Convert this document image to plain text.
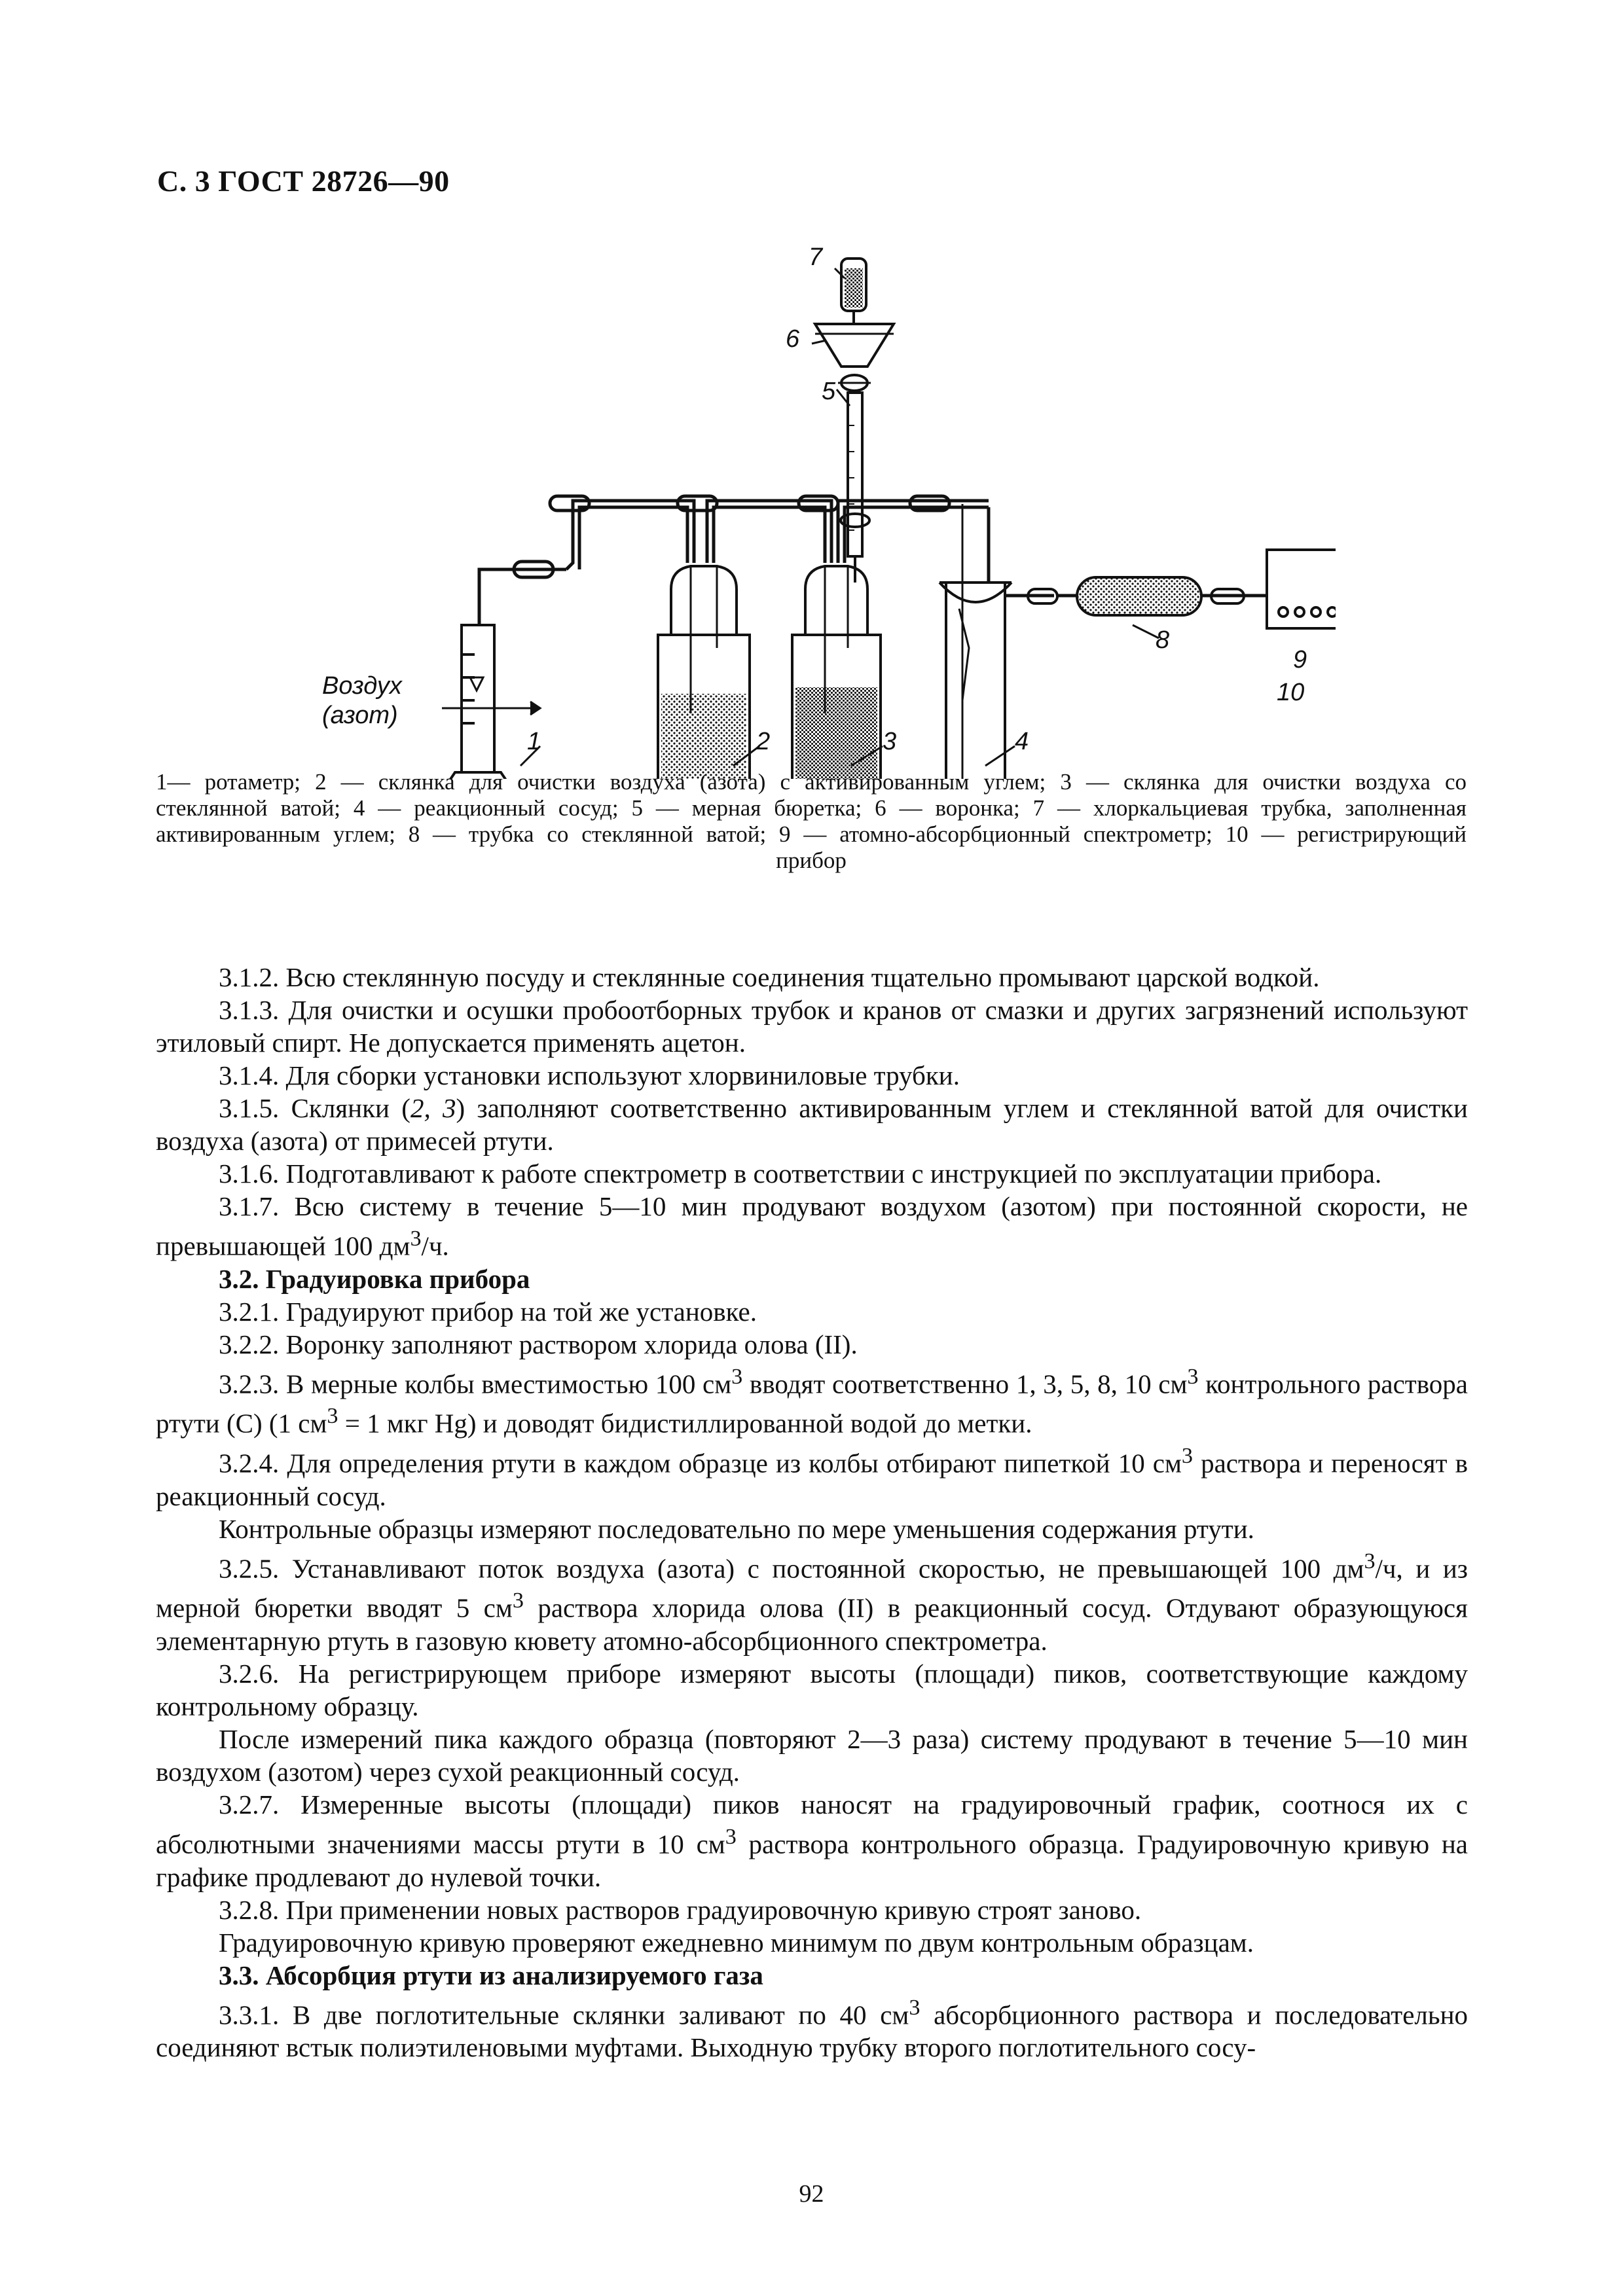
С. 3 ГОСТ 28726—90
Воздух
(азот)
1	2	3	4
5
6
7
8
9
10
1— ротаметр; 2 — склянка для очистки воздуха (азота) с активированным углем; 3 — склянка для очистки воздуха со
стеклянной ватой; 4 — реакционный сосуд; 5 — мерная бюретка; 6 — воронка; 7 — хлоркальциевая трубка, заполненная
активированным углем; 8 — трубка со стеклянной ватой; 9 — атомно-абсорбционный спектрометр; 10 — регистрирующий
прибор

3.1.2. Всю стеклянную посуду и стеклянные соединения тщательно промывают царской водкой.

3.1.3. Для очистки и осушки пробоотборных трубок и кранов от смазки и других загрязнений используют этиловый спирт. Не допускается применять ацетон.

3.1.4. Для сборки установки используют хлорвиниловые трубки.

3.1.5. Склянки (2, 3) заполняют соответственно активированным углем и стеклянной ватой для очистки воздуха (азота) от примесей ртути.

3.1.6. Подготавливают к работе спектрометр в соответствии с инструкцией по эксплуатации прибора.

3.1.7. Всю систему в течение 5—10 мин продувают воздухом (азотом) при постоянной скорости, не превышающей 100 $дм^3/ч$.

3.2. Градуировка прибора

3.2.1. Градуируют прибор на той же установке.

3.2.2. Воронку заполняют раствором хлорида олова (II).

3.2.3. В мерные колбы вместимостью 100 $см^3$ вводят соответственно 1, 3, 5, 8, 10 $см^3$ контрольного раствора ртути (С) (1 $см^3 = 1$ мкг Hg) и доводят бидистиллированной водой до метки.

3.2.4. Для определения ртути в каждом образце из колбы отбирают пипеткой 10 $см^3$ раствора и переносят в реакционный сосуд.

Контрольные образцы измеряют последовательно по мере уменьшения содержания ртути.

3.2.5. Устанавливают поток воздуха (азота) с постоянной скоростью, не превышающей 100 $дм^3/ч$, и из мерной бюретки вводят 5 $см^3$ раствора хлорида олова (II) в реакционный сосуд. Отдувают образующуюся элементарную ртуть в газовую кювету атомно-абсорбционного спектрометра.

3.2.6. На регистрирующем приборе измеряют высоты (площади) пиков, соответствующие каждому контрольному образцу.

После измерений пика каждого образца (повторяют 2—3 раза) систему продувают в течение 5—10 мин воздухом (азотом) через сухой реакционный сосуд.

3.2.7. Измеренные высоты (площади) пиков наносят на градуировочный график, соотнося их с абсолютными значениями массы ртути в 10 $см^3$ раствора контрольного образца. Градуировочную кривую на графике продлевают до нулевой точки.

3.2.8. При применении новых растворов градуировочную кривую строят заново.

Градуировочную кривую проверяют ежедневно минимум по двум контрольным образцам.

3.3. Абсорбция ртути из анализируемого газа

3.3.1. В две поглотительные склянки заливают по 40 $см^3$ абсорбционного раствора и последовательно соединяют встык полиэтиленовыми муфтами. Выходную трубку второго поглотительного сосу-

92
